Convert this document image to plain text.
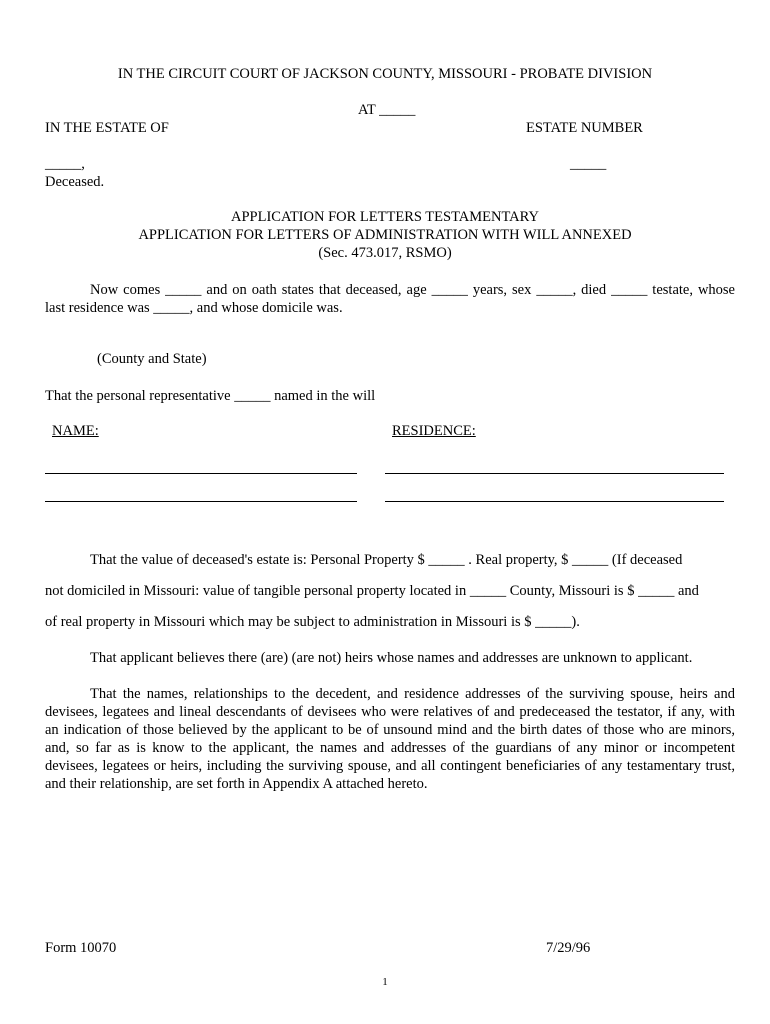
IN THE CIRCUIT COURT OF JACKSON COUNTY, MISSOURI - PROBATE DIVISION
AT _____
IN THE ESTATE OF	ESTATE NUMBER
_____,	_____
Deceased.
APPLICATION FOR LETTERS TESTAMENTARY
APPLICATION FOR LETTERS OF ADMINISTRATION WITH WILL ANNEXED
(Sec. 473.017, RSMO)
Now comes _____ and on oath states that deceased, age _____ years, sex _____, died _____ testate, whose last residence was _____, and whose domicile was.
(County and State)
That the personal representative _____ named in the will
NAME:	RESIDENCE:
That the value of deceased's estate is: Personal Property $ _____ . Real property, $ _____ (If deceased
not domiciled in Missouri: value of tangible personal property located in _____ County, Missouri is $ _____ and
of real property in Missouri which may be subject to administration in Missouri is $ _____).
That applicant believes there (are) (are not) heirs whose names and addresses are unknown to applicant.
That the names, relationships to the decedent, and residence addresses of the surviving spouse, heirs and devisees, legatees and lineal descendants of devisees who were relatives of and predeceased the testator, if any, with an indication of those believed by the applicant to be of unsound mind and the birth dates of those who are minors, and, so far as is know to the applicant, the names and addresses of the guardians of any minor or incompetent devisees, legatees or heirs, including the surviving spouse, and all contingent beneficiaries of any testamentary trust, and their relationship, are set forth in Appendix A attached hereto.
Form 10070	7/29/96
1
